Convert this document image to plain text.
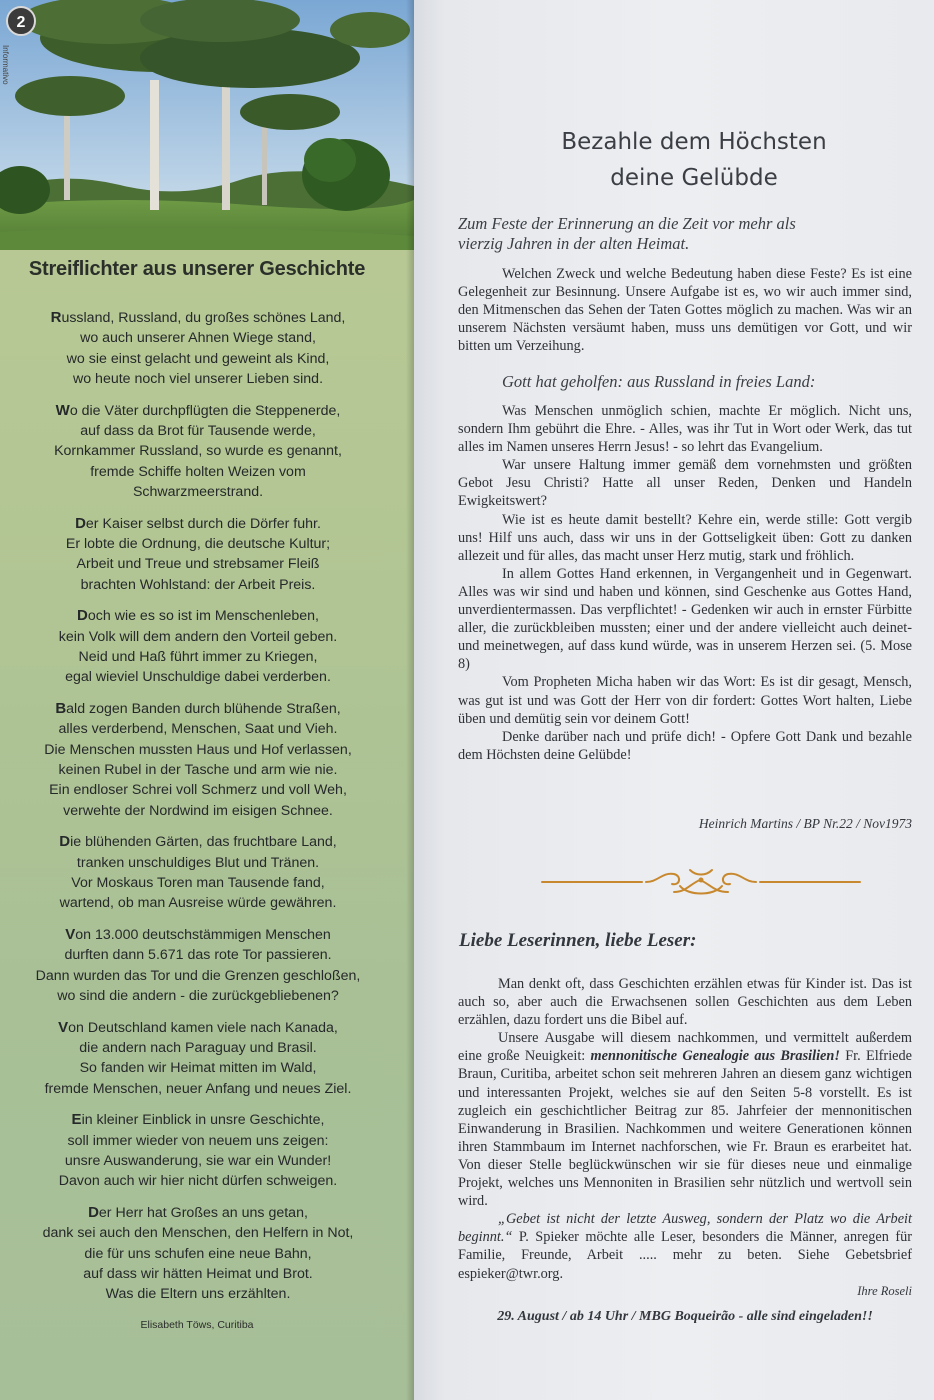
2
Informativo
Streiflichter aus unserer Geschichte
Russland, Russland, du großes schönes Land,
wo auch unserer Ahnen Wiege stand,
wo sie einst gelacht und geweint als Kind,
wo heute noch viel unserer Lieben sind.
Wo die Väter durchpflügten die Steppenerde,
auf dass da Brot für Tausende werde,
Kornkammer Russland, so wurde es genannt,
fremde Schiffe holten Weizen vom
Schwarzmeerstrand.
Der Kaiser selbst durch die Dörfer fuhr.
Er lobte die Ordnung, die deutsche Kultur;
Arbeit und Treue und strebsamer Fleiß
brachten Wohlstand: der Arbeit Preis.
Doch wie es so ist im Menschenleben,
kein Volk will dem andern den Vorteil geben.
Neid und Haß führt immer zu Kriegen,
egal wieviel Unschuldige dabei verderben.
Bald zogen Banden durch blühende Straßen,
alles verderbend, Menschen, Saat und Vieh.
Die Menschen mussten Haus und Hof verlassen,
keinen Rubel in der Tasche und arm wie nie.
Ein endloser Schrei voll Schmerz und voll Weh,
verwehte der Nordwind im eisigen Schnee.
Die blühenden Gärten, das fruchtbare Land,
tranken unschuldiges Blut und Tränen.
Vor Moskaus Toren man Tausende fand,
wartend, ob man Ausreise würde gewähren.
Von 13.000 deutschstämmigen Menschen
durften dann 5.671 das rote Tor passieren.
Dann wurden das Tor und die Grenzen geschloßen,
wo sind die andern - die zurückgebliebenen?
Von Deutschland kamen viele nach Kanada,
die andern nach Paraguay und Brasil.
So fanden wir Heimat mitten im Wald,
fremde Menschen, neuer Anfang und neues Ziel.
Ein kleiner Einblick in unsre Geschichte,
soll immer wieder von neuem uns zeigen:
unsre Auswanderung, sie war ein Wunder!
Davon auch wir hier nicht dürfen schweigen.
Der Herr hat Großes an uns getan,
dank sei auch den Menschen, den Helfern in Not,
die für uns schufen eine neue Bahn,
auf dass wir hätten Heimat und Brot.
Was die Eltern uns erzählten.
Elisabeth Töws, Curitiba
Bezahle dem Höchsten
deine Gelübde
Zum Feste der Erinnerung an die Zeit vor mehr als
vierzig Jahren in der alten Heimat.

Welchen Zweck und welche Bedeutung haben diese Feste? Es ist eine Gelegenheit zur Besinnung. Unsere Aufgabe ist es, wo wir auch immer sind, den Mitmenschen das Sehen der Taten Gottes möglich zu machen. Was wir an unserem Nächsten versäumt haben, muss uns demütigen vor Gott, und wir bitten um Verzeihung.

Gott hat geholfen: aus Russland in freies Land:

Was Menschen unmöglich schien, machte Er möglich. Nicht uns, sondern Ihm gebührt die Ehre. - Alles, was ihr Tut in Wort oder Werk, das tut alles im Namen unseres Herrn Jesus! - so lehrt das Evangelium.

War unsere Haltung immer gemäß dem vornehmsten und größten Gebot Jesu Christi? Hatte all unser Reden, Denken und Handeln Ewigkeitswert?

Wie ist es heute damit bestellt? Kehre ein, werde stille: Gott vergib uns! Hilf uns auch, dass wir uns in der Gottseligkeit üben: Gott zu danken allezeit und für alles, das macht unser Herz mutig, stark und fröhlich.

In allem Gottes Hand erkennen, in Vergangenheit und in Gegenwart. Alles was wir sind und haben und können, sind Geschenke aus Gottes Hand, unverdientermassen. Das verpflichtet! - Gedenken wir auch in ernster Fürbitte aller, die zurückbleiben mussten; einer und der andere vielleicht auch deinet- und meinetwegen, auf dass kund würde, was in unserem Herzen sei. (5. Mose 8)

Vom Propheten Micha haben wir das Wort: Es ist dir gesagt, Mensch, was gut ist und was Gott der Herr von dir fordert: Gottes Wort halten, Liebe üben und demütig sein vor deinem Gott!

Denke darüber nach und prüfe dich! - Opfere Gott Dank und bezahle dem Höchsten deine Gelübde!

Heinrich Martins / BP Nr.22 / Nov1973
Liebe Leserinnen, liebe Leser:

Man denkt oft, dass Geschichten erzählen etwas für Kinder ist. Das ist auch so, aber auch die Erwachsenen sollen Geschichten aus dem Leben erzählen, dazu fordert uns die Bibel auf.

Unsere Ausgabe will diesem nachkommen, und vermittelt außerdem eine große Neuigkeit: mennonitische Genealogie aus Brasilien! Fr. Elfriede Braun, Curitiba, arbeitet schon seit mehreren Jahren an diesem ganz wichtigen und interessanten Projekt, welches sie auf den Seiten 5-8 vorstellt. Es ist zugleich ein geschichtlicher Beitrag zur 85. Jahrfeier der mennonitischen Einwanderung in Brasilien. Nachkommen und weitere Generationen können ihren Stammbaum im Internet nachforschen, wie Fr. Braun es erarbeitet hat. Von dieser Stelle beglückwünschen wir sie für dieses neue und einmalige Projekt, welches uns Mennoniten in Brasilien sehr nützlich und wertvoll sein wird.

„Gebet ist nicht der letzte Ausweg, sondern der Platz wo die Arbeit beginnt.“ P. Spieker möchte alle Leser, besonders die Männer, anregen für Familie, Freunde, Arbeit ..... mehr zu beten. Siehe Gebetsbrief espieker@twr.org.

Ihre Roseli
29. August / ab 14 Uhr / MBG Boqueirão - alle sind eingeladen!!
